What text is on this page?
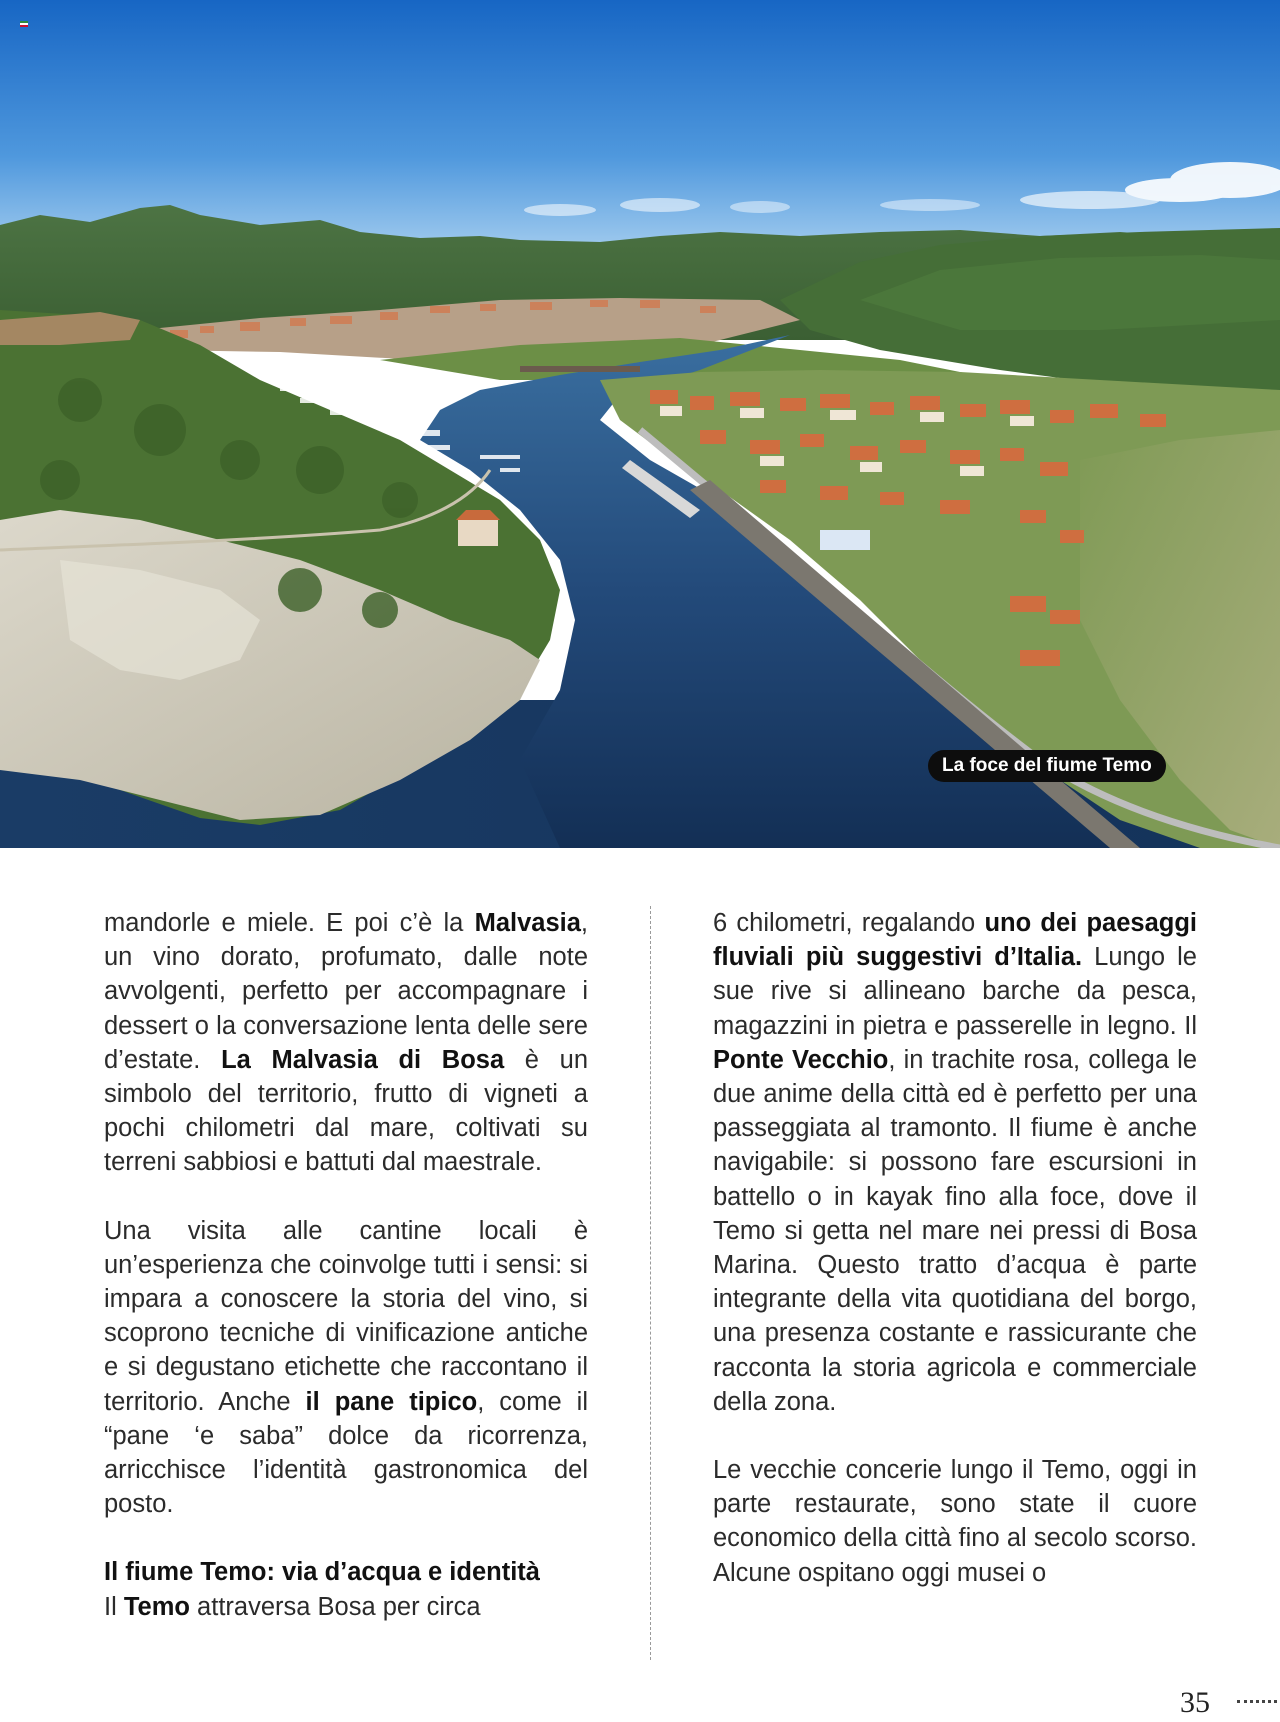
La foce del fiume Temo

mandorle e miele. E poi c’è la Malvasia, un vino dorato, profumato, dalle note avvolgenti, perfetto per accompagnare i dessert o la conversazione lenta delle sere d’estate. La Malvasia di Bosa è un simbolo del territorio, frutto di vigneti a pochi chilometri dal mare, coltivati su terreni sabbiosi e battuti dal maestrale.

Una visita alle cantine locali è un’esperienza che coinvolge tutti i sensi: si impara a conoscere la storia del vino, si scoprono tecniche di vinificazione antiche e si degustano etichette che raccontano il territorio. Anche il pane tipico, come il “pane ‘e saba” dolce da ricorrenza, arricchisce l’identità gastronomica del posto.

Il fiume Temo: via d’acqua e identità

Il Temo attraversa Bosa per circa

6 chilometri, regalando uno dei paesaggi fluviali più suggestivi d’Italia. Lungo le sue rive si allineano barche da pesca, magazzini in pietra e passerelle in legno. Il Ponte Vecchio, in trachite rosa, collega le due anime della città ed è perfetto per una passeggiata al tramonto. Il fiume è anche navigabile: si possono fare escursioni in battello o in kayak fino alla foce, dove il Temo si getta nel mare nei pressi di Bosa Marina. Questo tratto d’acqua è parte integrante della vita quotidiana del borgo, una presenza costante e rassicurante che racconta la storia agricola e commerciale della zona.

Le vecchie concerie lungo il Temo, oggi in parte restaurate, sono state il cuore economico della città fino al secolo scorso. Alcune ospitano oggi musei o

35
